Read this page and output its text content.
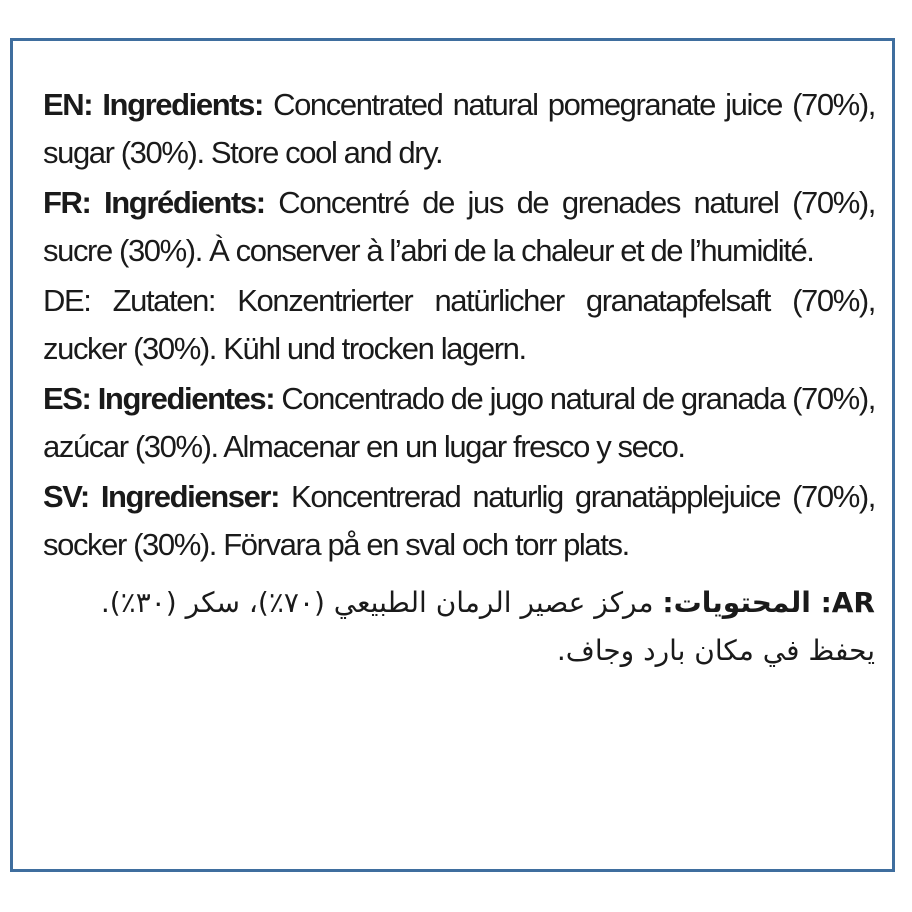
EN: Ingredients: Concentrated natural pomegranate juice (70%), sugar (30%). Store cool and dry.

FR: Ingrédients: Concentré de jus de grenades naturel (70%), sucre (30%). À conserver à l’abri de la chaleur et de l’humidité.

DE: Zutaten: Konzentrierter natürlicher granatapfelsaft (70%), zucker (30%). Kühl und trocken lagern.

ES: Ingredientes: Concentrado de jugo natural de granada (70%), azúcar (30%). Almacenar en un lugar fresco y seco.

SV: Ingredienser: Koncentrerad naturlig granatäpplejuice (70%), socker (30%). Förvara på en sval och torr plats.

AR: المحتويات: مركز عصير الرمان الطبيعي (٧٠٪)، سكر (٣٠٪). يحفظ في مكان بارد وجاف.
